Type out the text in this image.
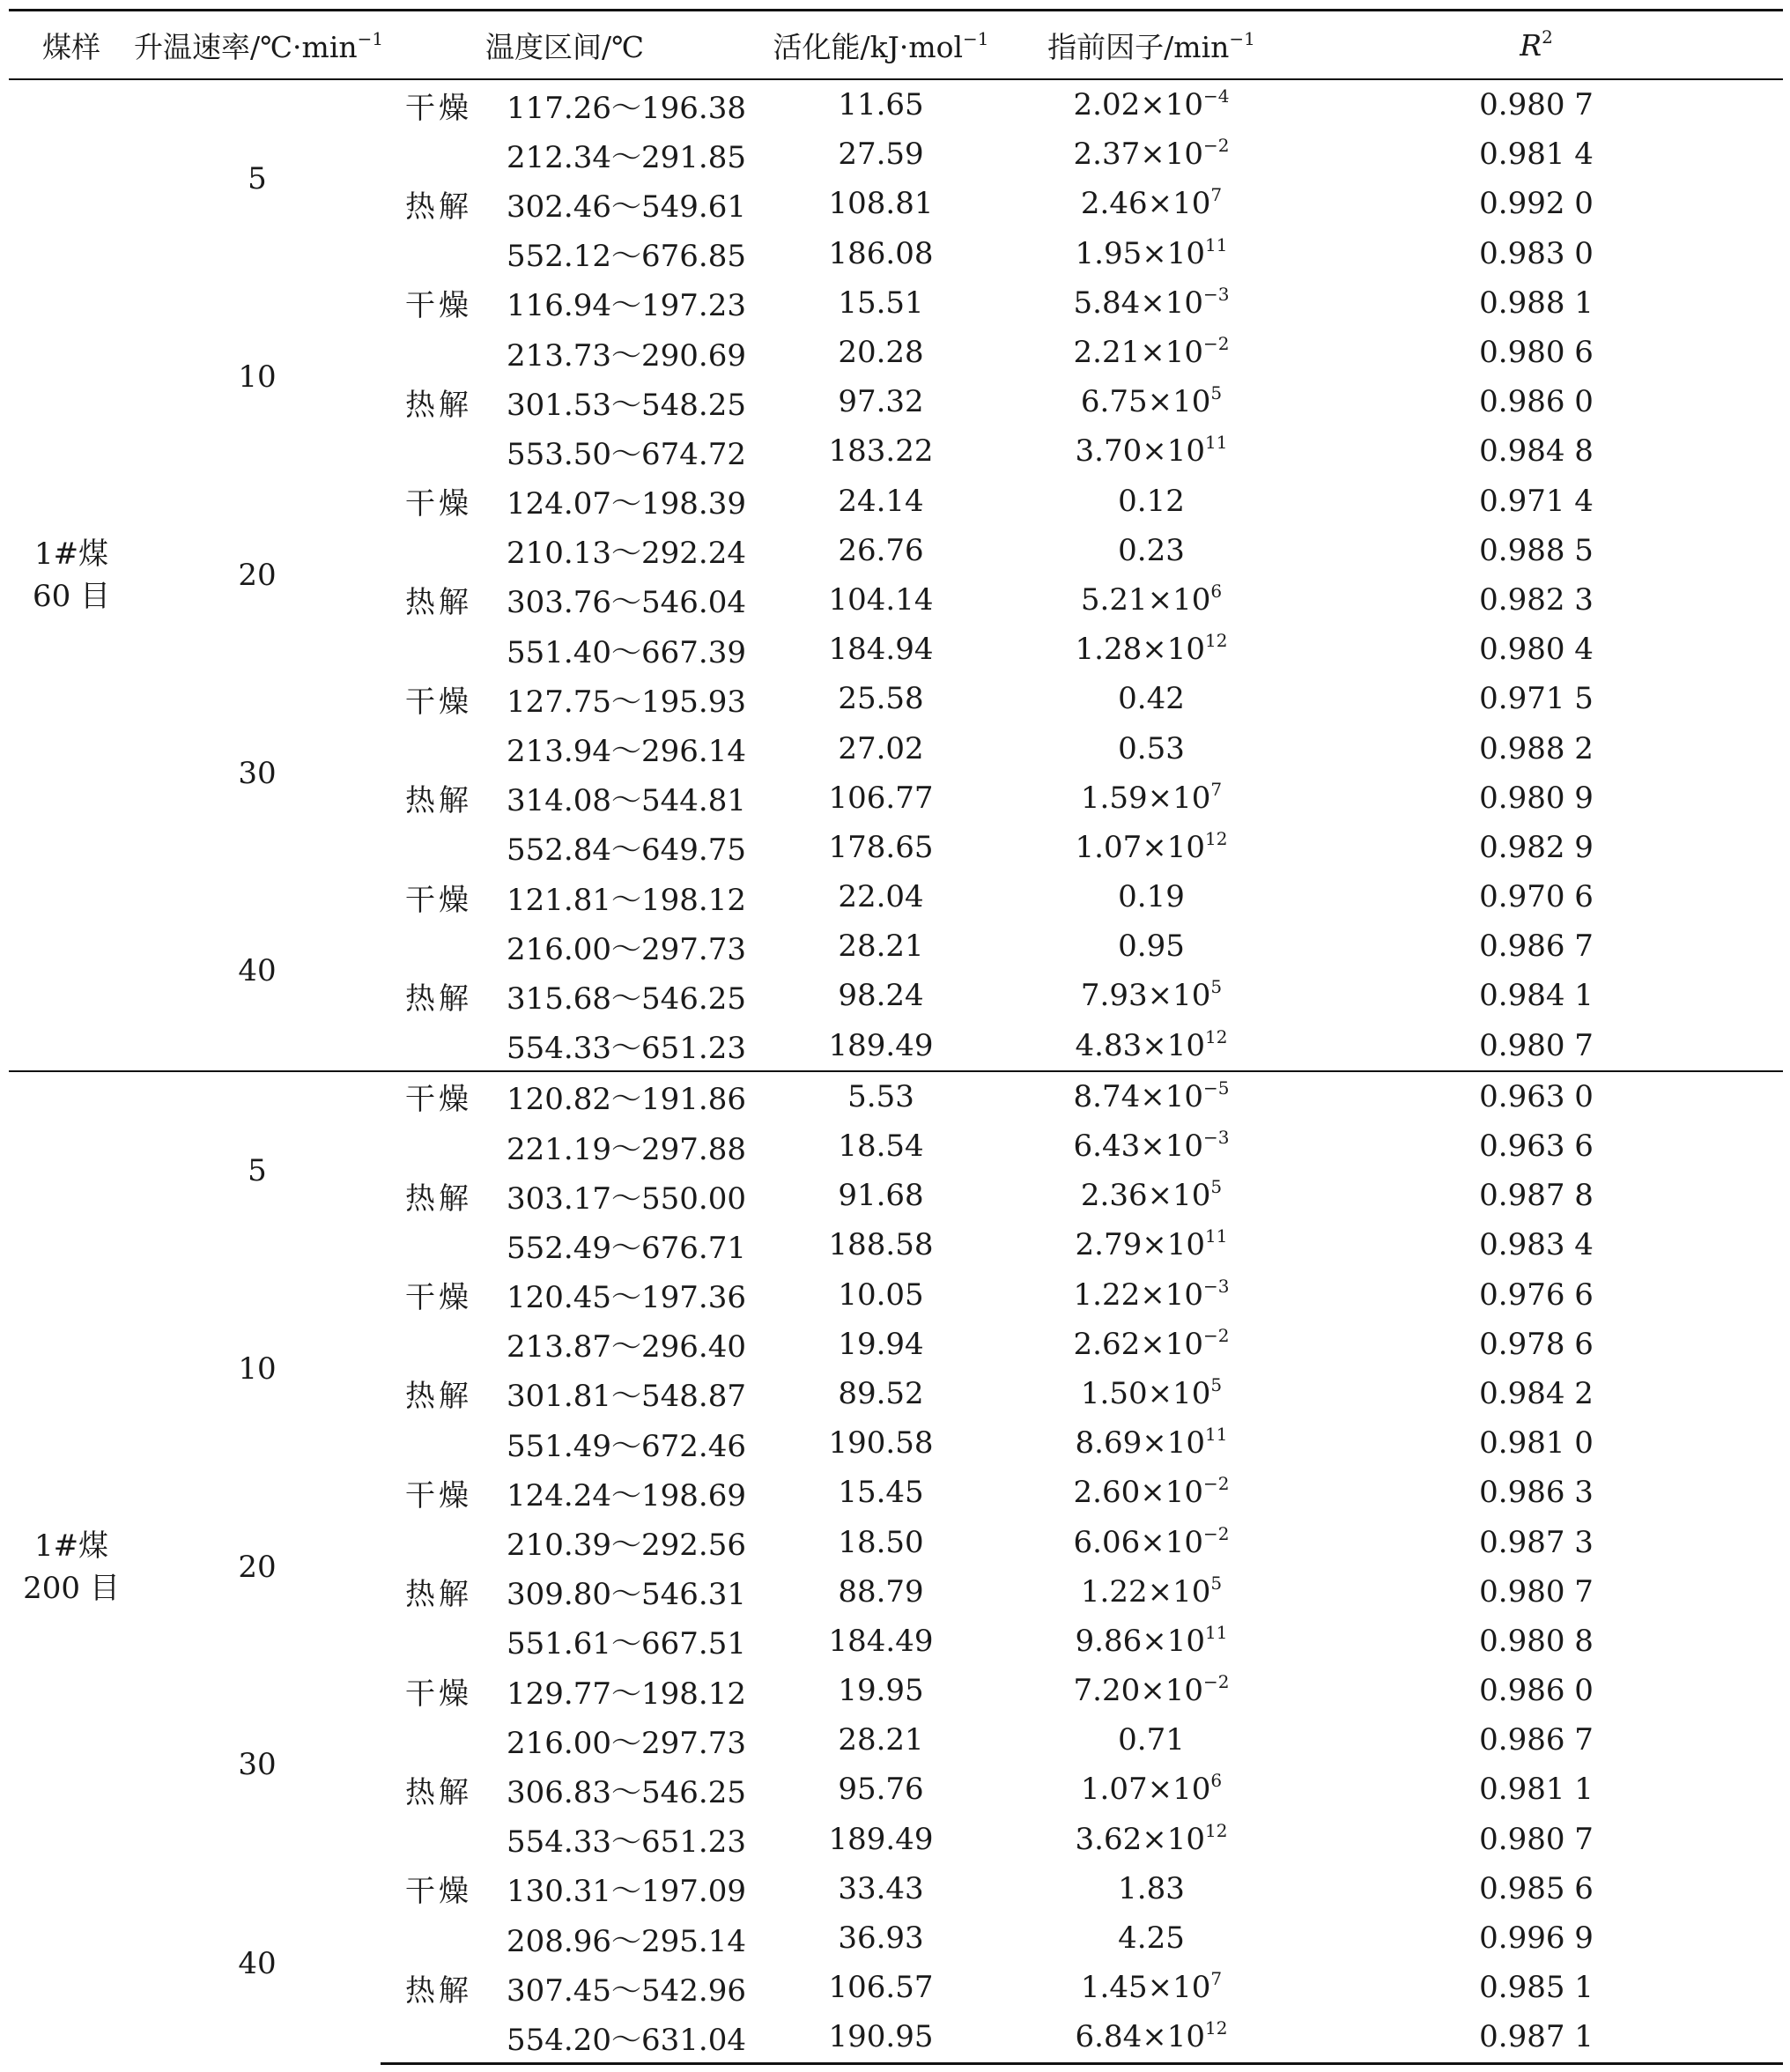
煤样	升温速率$/℃\cdot\min^{-1}$	温度区间/℃		活化能/kJ·mol$^{-1}$	指前因子$/\min^{-1}$	$R^2$

1#煤
60 目	5	干燥	117.26～196.38	11.65	$2.02\times 10^{-4}$	0.980 7
			212.34～291.85	27.59	$2.37\times 10^{-2}$	0.981 4
		热解	302.46～549.61	108.81	$2.46\times 10^7$	0.992 0
			552.12～676.85	186.08	$1.95\times 10^{11}$	0.983 0
	10	干燥	116.94～197.23	15.51	$5.84\times 10^{-3}$	0.988 1
			213.73～290.69	20.28	$2.21\times 10^{-2}$	0.980 6
		热解	301.53～548.25	97.32	$6.75\times 10^5$	0.986 0
			553.50～674.72	183.22	$3.70\times 10^{11}$	0.984 8
	20	干燥	124.07～198.39	24.14	0.12	0.971 4
			210.13～292.24	26.76	0.23	0.988 5
		热解	303.76～546.04	104.14	$5.21\times 10^6$	0.982 3
			551.40～667.39	184.94	$1.28\times 10^{12}$	0.980 4
	30	干燥	127.75～195.93	25.58	0.42	0.971 5
			213.94～296.14	27.02	0.53	0.988 2
		热解	314.08～544.81	106.77	$1.59\times 10^7$	0.980 9
			552.84～649.75	178.65	$1.07\times 10^{12}$	0.982 9
	40	干燥	121.81～198.12	22.04	0.19	0.970 6
			216.00～297.73	28.21	0.95	0.986 7
		热解	315.68～546.25	98.24	$7.93\times 10^5$	0.984 1
			554.33～651.23	189.49	$4.83\times 10^{12}$	0.980 7

1#煤
200 目	5	干燥	120.82～191.86	5.53	$8.74\times 10^{-5}$	0.963 0
			221.19～297.88	18.54	$6.43\times 10^{-3}$	0.963 6
		热解	303.17～550.00	91.68	$2.36\times 10^5$	0.987 8
			552.49～676.71	188.58	$2.79\times 10^{11}$	0.983 4
	10	干燥	120.45～197.36	10.05	$1.22\times 10^{-3}$	0.976 6
			213.87～296.40	19.94	$2.62\times 10^{-2}$	0.978 6
		热解	301.81～548.87	89.52	$1.50\times 10^5$	0.984 2
			551.49～672.46	190.58	$8.69\times 10^{11}$	0.981 0
	20	干燥	124.24～198.69	15.45	$2.60\times 10^{-2}$	0.986 3
			210.39～292.56	18.50	$6.06\times 10^{-2}$	0.987 3
		热解	309.80～546.31	88.79	$1.22\times 10^5$	0.980 7
			551.61～667.51	184.49	$9.86\times 10^{11}$	0.980 8
	30	干燥	129.77～198.12	19.95	$7.20\times 10^{-2}$	0.986 0
			216.00～297.73	28.21	0.71	0.986 7
		热解	306.83～546.25	95.76	$1.07\times 10^6$	0.981 1
			554.33～651.23	189.49	$3.62\times 10^{12}$	0.980 7
	40	干燥	130.31～197.09	33.43	1.83	0.985 6
			208.96～295.14	36.93	4.25	0.996 9
		热解	307.45～542.96	106.57	$1.45\times 10^7$	0.985 1
			554.20～631.04	190.95	$6.84\times 10^{12}$	0.987 1
